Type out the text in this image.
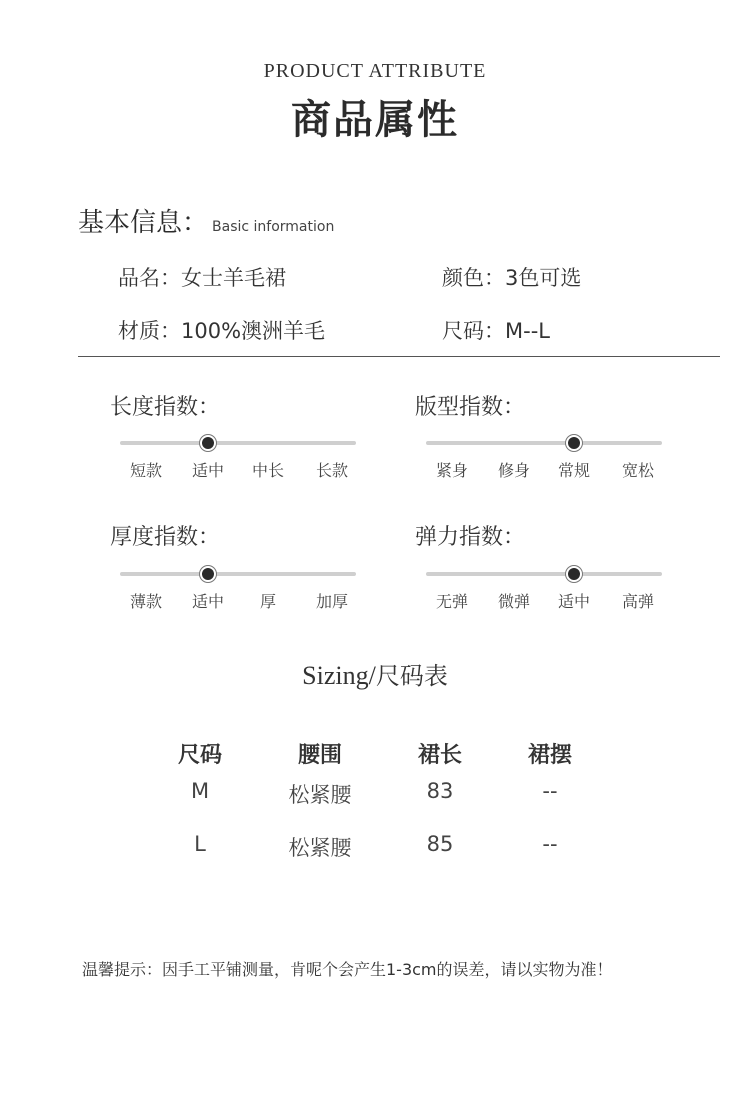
PRODUCT ATTRIBUTE
商品属性
基本信息： Basic information
品名：女士羊毛裙	颜色：3色可选
材质：100%澳洲羊毛	尺码：M--L
长度指数：
短款	适中	中长	长款
版型指数：
紧身	修身	常规	宽松
厚度指数：
薄款	适中	厚	加厚
弹力指数：
无弹	微弹	适中	高弹
Sizing/尺码表
尺码	腰围	裙长	裙摆
M	松紧腰	83	--
L	松紧腰	85	--
温馨提示：因手工平铺测量，肯呢个会产生1-3cm的误差，请以实物为准！
